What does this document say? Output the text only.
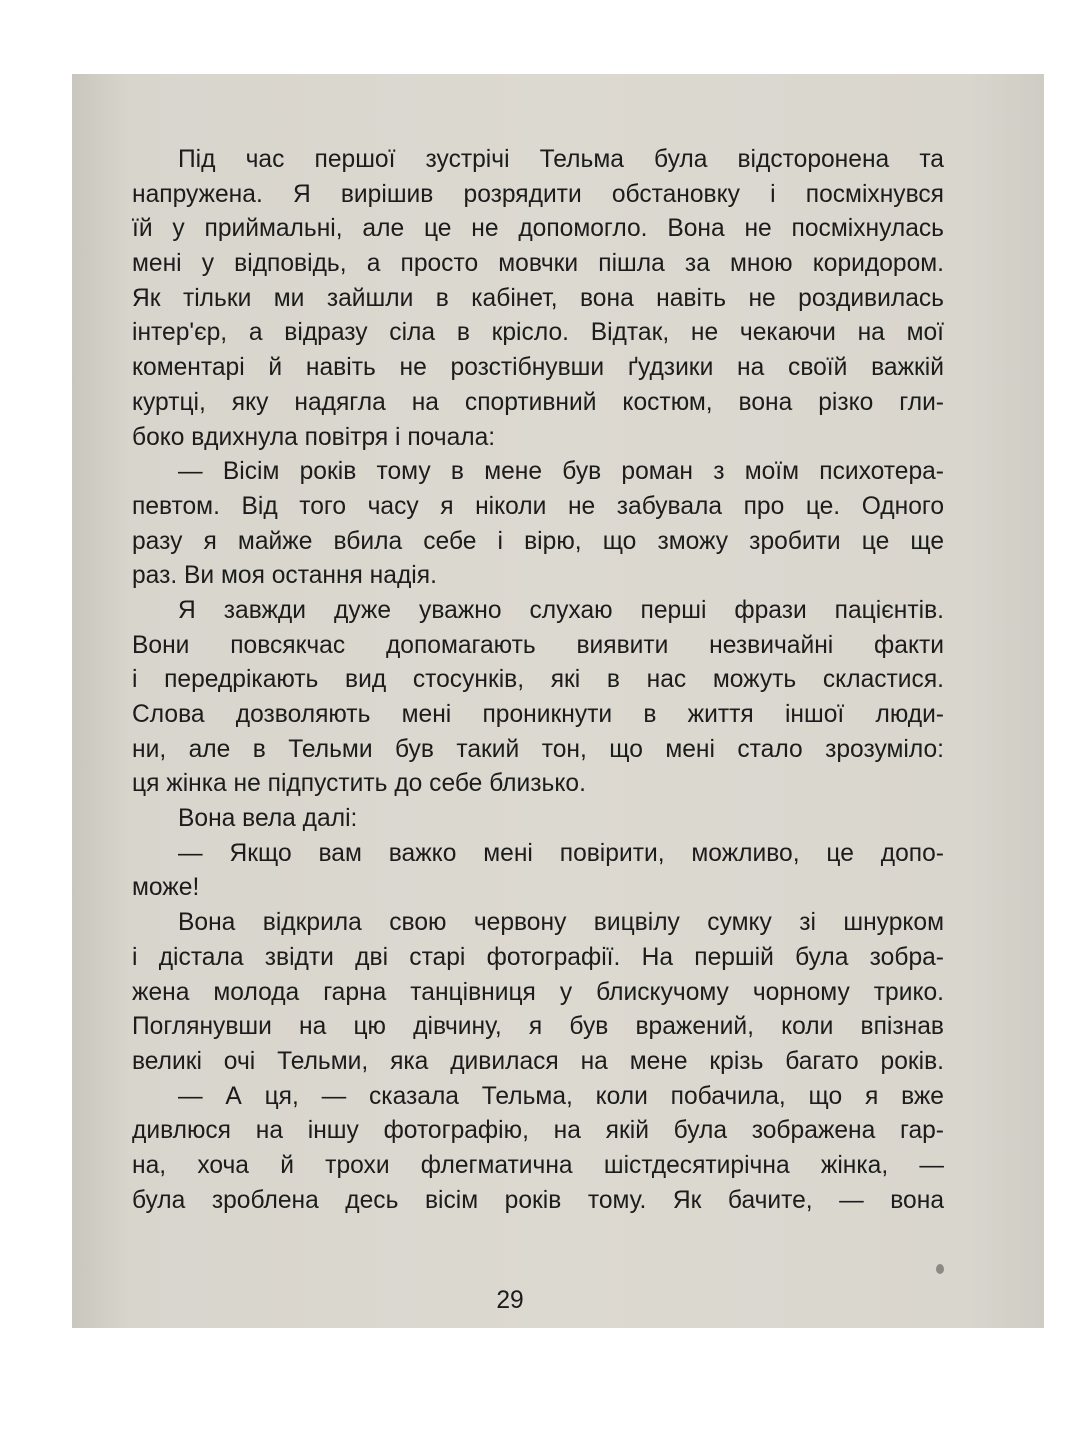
Під час першої зустрічі Тельма була відсторонена та
напружена. Я вирішив розрядити обстановку і посміхнувся
їй у приймальні, але це не допомогло. Вона не посміхнулась
мені у відповідь, а просто мовчки пішла за мною коридором.
Як тільки ми зайшли в кабінет, вона навіть не роздивилась
інтер'єр, а відразу сіла в крісло. Відтак, не чекаючи на мої
коментарі й навіть не розстібнувши ґудзики на своїй важкій
куртці, яку надягла на спортивний костюм, вона різко гли-
боко вдихнула повітря і почала:
— Вісім років тому в мене був роман з моїм психотера-
певтом. Від того часу я ніколи не забувала про це. Одного
разу я майже вбила себе і вірю, що зможу зробити це ще
раз. Ви моя остання надія.
Я завжди дуже уважно слухаю перші фрази пацієнтів.
Вони повсякчас допомагають виявити незвичайні факти
і передрікають вид стосунків, які в нас можуть скластися.
Слова дозволяють мені проникнути в життя іншої люди-
ни, але в Тельми був такий тон, що мені стало зрозуміло:
ця жінка не підпустить до себе близько.
Вона вела далі:
— Якщо вам важко мені повірити, можливо, це допо-
може!
Вона відкрила свою червону вицвілу сумку зі шнурком
і дістала звідти дві старі фотографії. На першій була зобра-
жена молода гарна танцівниця у блискучому чорному трико.
Поглянувши на цю дівчину, я був вражений, коли впізнав
великі очі Тельми, яка дивилася на мене крізь багато років.
— А ця, — сказала Тельма, коли побачила, що я вже
дивлюся на іншу фотографію, на якій була зображена гар-
на, хоча й трохи флегматична шістдесятирічна жінка, —
була зроблена десь вісім років тому. Як бачите, — вона
29
